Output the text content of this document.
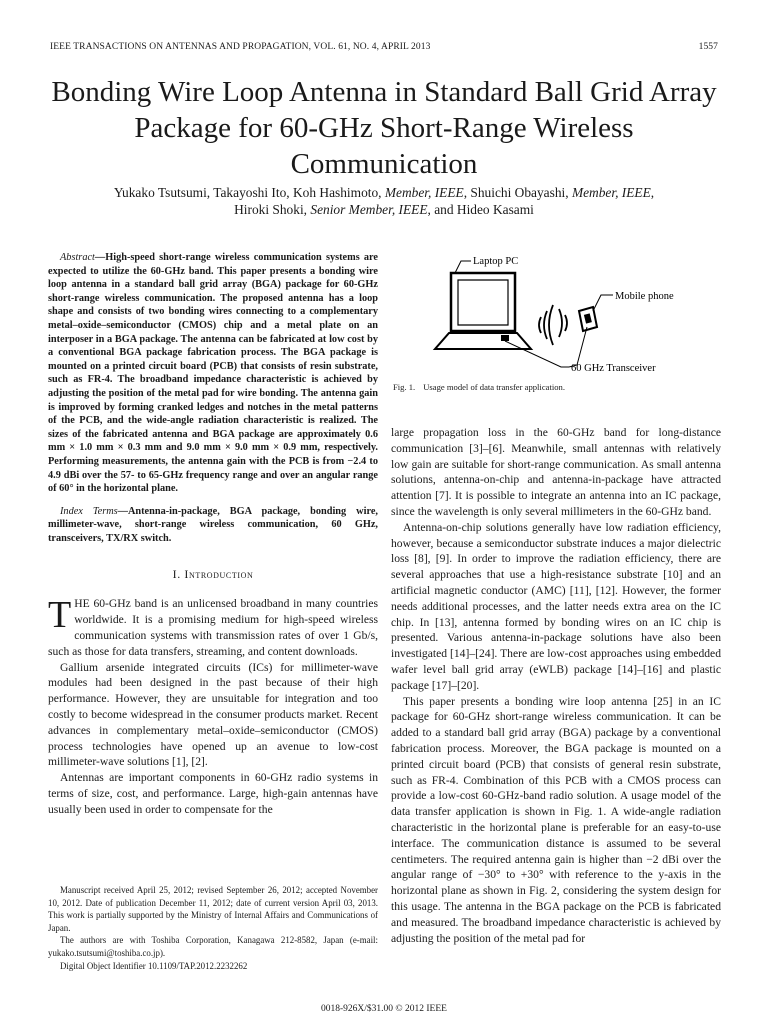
IEEE TRANSACTIONS ON ANTENNAS AND PROPAGATION, VOL. 61, NO. 4, APRIL 2013	1557
Bonding Wire Loop Antenna in Standard Ball Grid Array Package for 60-GHz Short-Range Wireless Communication
Yukako Tsutsumi, Takayoshi Ito, Koh Hashimoto, Member, IEEE, Shuichi Obayashi, Member, IEEE,
Hiroki Shoki, Senior Member, IEEE, and Hideo Kasami

Abstract—High-speed short-range wireless communication systems are expected to utilize the 60-GHz band. This paper presents a bonding wire loop antenna in a standard ball grid array (BGA) package for 60-GHz short-range wireless communication. The proposed antenna has a loop shape and consists of two bonding wires connecting to a complementary metal–oxide–semiconductor (CMOS) chip and a metal plate on an interposer in a BGA package. The antenna can be fabricated at low cost by a conventional BGA package fabrication process. The BGA package is mounted on a printed circuit board (PCB) that consists of resin substrate, such as FR-4. The broadband impedance characteristic is achieved by adjusting the position of the metal pad for wire bonding. The antenna gain is improved by forming cranked ledges and notches in the metal patterns of the PCB, and the wide-angle radiation characteristic is realized. The sizes of the fabricated antenna and BGA package are approximately 0.6 mm × 1.0 mm × 0.3 mm and 9.0 mm × 9.0 mm × 0.9 mm, respectively. Performing measurements, the antenna gain with the PCB is from −2.4 to 4.9 dBi over the 57- to 65-GHz frequency range and over an angular range of 60° in the horizontal plane.

Index Terms—Antenna-in-package, BGA package, bonding wire, millimeter-wave, short-range wireless communication, 60 GHz, transceivers, TX/RX switch.

I. Introduction

THE 60-GHz band is an unlicensed broadband in many countries worldwide. It is a promising medium for high-speed wireless communication systems with transmission rates of over 1 Gb/s, such as those for data transfers, streaming, and content downloads.

Gallium arsenide integrated circuits (ICs) for millimeter-wave modules had been designed in the past because of their high performance. However, they are unsuitable for integration and too costly to become widespread in the consumer products market. Recent advances in complementary metal–oxide–semiconductor (CMOS) process technologies have opened up an avenue to low-cost millimeter-wave solutions [1], [2].

Antennas are important components in 60-GHz radio systems in terms of size, cost, and performance. Large, high-gain antennas have usually been used in order to compensate for the

Manuscript received April 25, 2012; revised September 26, 2012; accepted November 10, 2012. Date of publication December 11, 2012; date of current version April 03, 2013. This work is partially supported by the Ministry of Internal Affairs and Communications of Japan.

The authors are with Toshiba Corporation, Kanagawa 212-8582, Japan (e-mail: yukako.tsutsumi@toshiba.co.jp).

Digital Object Identifier 10.1109/TAP.2012.2232262

Laptop PC
Mobile phone
60 GHz Transceiver
Fig. 1. Usage model of data transfer application.

large propagation loss in the 60-GHz band for long-distance communication [3]–[6]. Meanwhile, small antennas with relatively low gain are suitable for short-range communication. As small antenna solutions, antenna-on-chip and antenna-in-package have attracted attention [7]. It is possible to integrate an antenna into an IC package, since the wavelength is only several millimeters in the 60-GHz band.

Antenna-on-chip solutions generally have low radiation efficiency, however, because a semiconductor substrate induces a major dielectric loss [8], [9]. In order to improve the radiation efficiency, there are several approaches that use a high-resistance substrate [10] and an artificial magnetic conductor (AMC) [11], [12]. However, the former needs additional processes, and the latter needs extra area on the IC chip. In [13], antenna formed by bonding wires on an IC chip is presented. Various antenna-in-package solutions have also been investigated [14]–[24]. There are low-cost approaches using embedded wafer level ball grid array (eWLB) package [14]–[16] and plastic package [17]–[20].

This paper presents a bonding wire loop antenna [25] in an IC package for 60-GHz short-range wireless communication. It can be added to a standard ball grid array (BGA) package by a conventional fabrication process. Moreover, the BGA package is mounted on a printed circuit board (PCB) that consists of general resin substrate, such as FR-4. Combination of this PCB with a CMOS process can provide a low-cost 60-GHz-band radio solution. A usage model of the data transfer application is shown in Fig. 1. A wide-angle radiation characteristic in the horizontal plane is preferable for an easy-to-use interface. The communication distance is assumed to be several centimeters. The required antenna gain is higher than −2 dBi over the angular range of −30° to +30° with reference to the y-axis in the horizontal plane as shown in Fig. 2, considering the system design for this usage. The antenna in the BGA package on the PCB is fabricated and measured. The broadband impedance characteristic is achieved by adjusting the position of the metal pad for

0018-926X/$31.00 © 2012 IEEE
